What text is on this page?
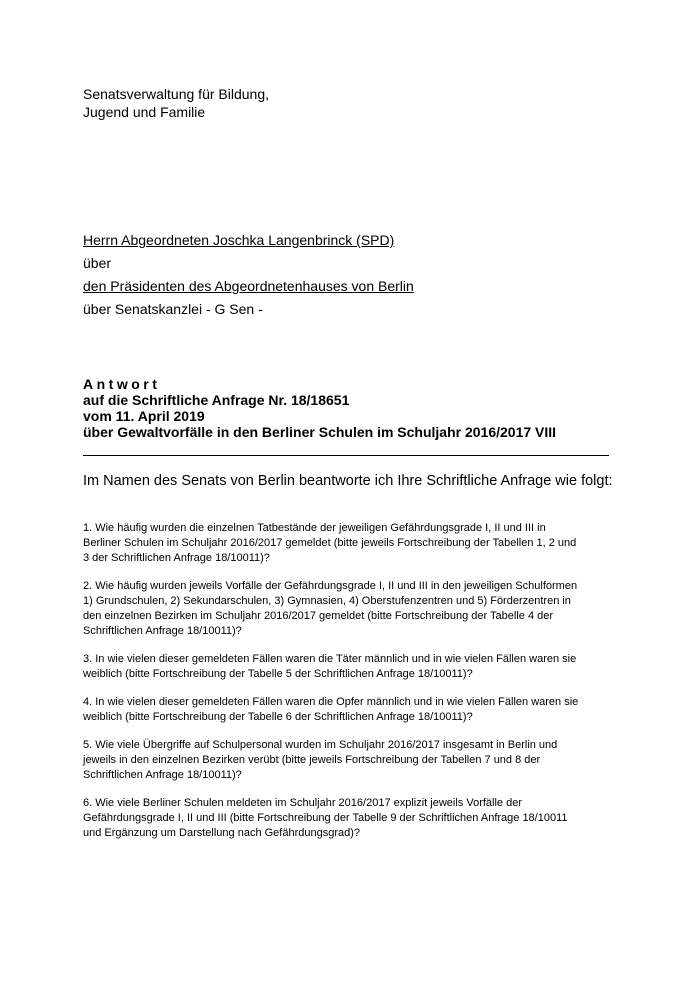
Senatsverwaltung für Bildung,
Jugend und Familie
Herrn Abgeordneten Joschka Langenbrinck (SPD)
über
den Präsidenten des Abgeordnetenhauses von Berlin
über Senatskanzlei - G Sen -
Antwort
auf die Schriftliche Anfrage Nr. 18/18651
vom 11. April 2019
über Gewaltvorfälle in den Berliner Schulen im Schuljahr 2016/2017 VIII
Im Namen des Senats von Berlin beantworte ich Ihre Schriftliche Anfrage wie folgt:
1. Wie häufig wurden die einzelnen Tatbestände der jeweiligen Gefährdungsgrade I, II und III in
Berliner Schulen im Schuljahr 2016/2017 gemeldet (bitte jeweils Fortschreibung der Tabellen 1, 2 und
3 der Schriftlichen Anfrage 18/10011)?
2. Wie häufig wurden jeweils Vorfälle der Gefährdungsgrade I, II und III in den jeweiligen Schulformen
1) Grundschulen, 2) Sekundarschulen, 3) Gymnasien, 4) Oberstufenzentren und 5) Förderzentren in
den einzelnen Bezirken im Schuljahr 2016/2017 gemeldet (bitte Fortschreibung der Tabelle 4 der
Schriftlichen Anfrage 18/10011)?
3. In wie vielen dieser gemeldeten Fällen waren die Täter männlich und in wie vielen Fällen waren sie
weiblich (bitte Fortschreibung der Tabelle 5 der Schriftlichen Anfrage 18/10011)?
4. In wie vielen dieser gemeldeten Fällen waren die Opfer männlich und in wie vielen Fällen waren sie
weiblich (bitte Fortschreibung der Tabelle 6 der Schriftlichen Anfrage 18/10011)?
5. Wie viele Übergriffe auf Schulpersonal wurden im Schuljahr 2016/2017 insgesamt in Berlin und
jeweils in den einzelnen Bezirken verübt (bitte jeweils Fortschreibung der Tabellen 7 und 8 der
Schriftlichen Anfrage 18/10011)?
6. Wie viele Berliner Schulen meldeten im Schuljahr 2016/2017 explizit jeweils Vorfälle der
Gefährdungsgrade I, II und III (bitte Fortschreibung der Tabelle 9 der Schriftlichen Anfrage 18/10011
und Ergänzung um Darstellung nach Gefährdungsgrad)?
